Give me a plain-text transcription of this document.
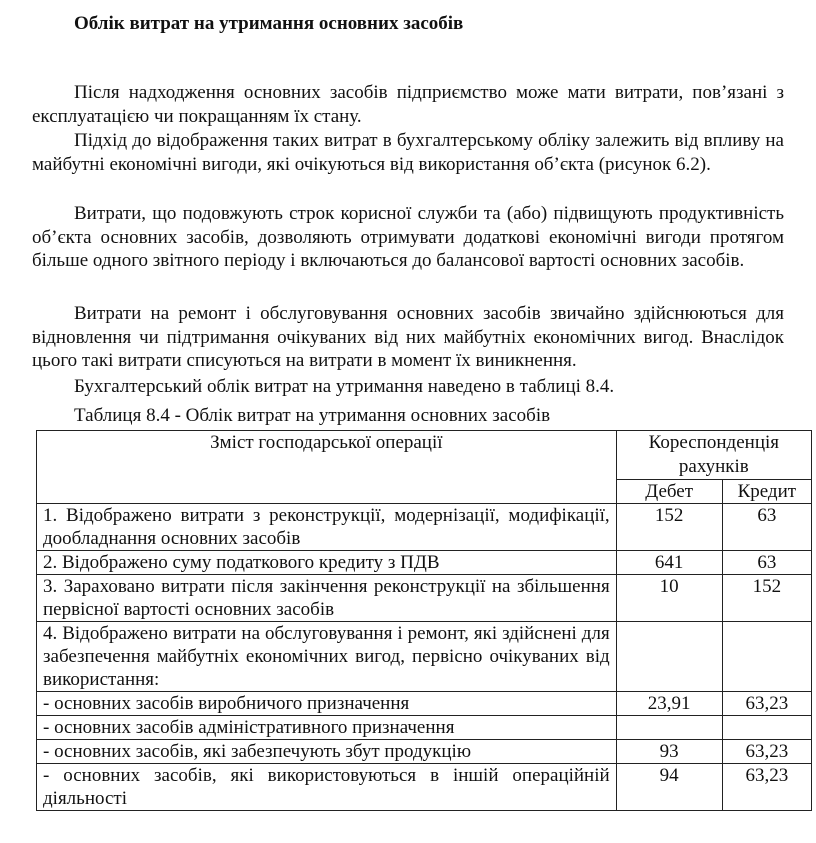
Облік витрат на утримання основних засобів

Після надходження основних засобів підприємство може мати витрати, пов’язані з експлуатацією чи покращанням їх стану.

Підхід до відображення таких витрат в бухгалтерському обліку залежить від впливу на майбутні економічні вигоди, які очікуються від використання об’єкта (рисунок 6.2).

Витрати, що подовжують строк корисної служби та (або) підвищують продуктивність об’єкта основних засобів, дозволяють отримувати додаткові економічні вигоди протягом більше одного звітного періоду і включаються до балансової вартості основних засобів.

Витрати на ремонт і обслуговування основних засобів звичайно здійснюються для відновлення чи підтримання очікуваних від них майбутніх економічних вигод. Внаслідок цього такі витрати списуються на витрати в момент їх виникнення.

Бухгалтерський облік витрат на утримання наведено в таблиці 8.4.

Таблиця 8.4 - Облік витрат на утримання основних засобів
Зміст господарської операції	Кореспонденція рахунків	
	Дебет	Кредит
1. Відображено витрати з реконструкції, модернізації, модифікації, дообладнання основних засобів	152	63
2. Відображено суму податкового кредиту з ПДВ	641	63
3. Зараховано витрати після закінчення реконструкції на збільшення первісної вартості основних засобів	10	152
4. Відображено витрати на обслуговування і ремонт, які здійснені для забезпечення майбутніх економічних вигод, первісно очікуваних від використання:		
- основних засобів виробничого призначення	23,91	63,23
- основних засобів адміністративного призначення		
- основних засобів, які забезпечують збут продукцію	93	63,23
- основних засобів, які використовуються в іншій операційній діяльності	94	63,23
